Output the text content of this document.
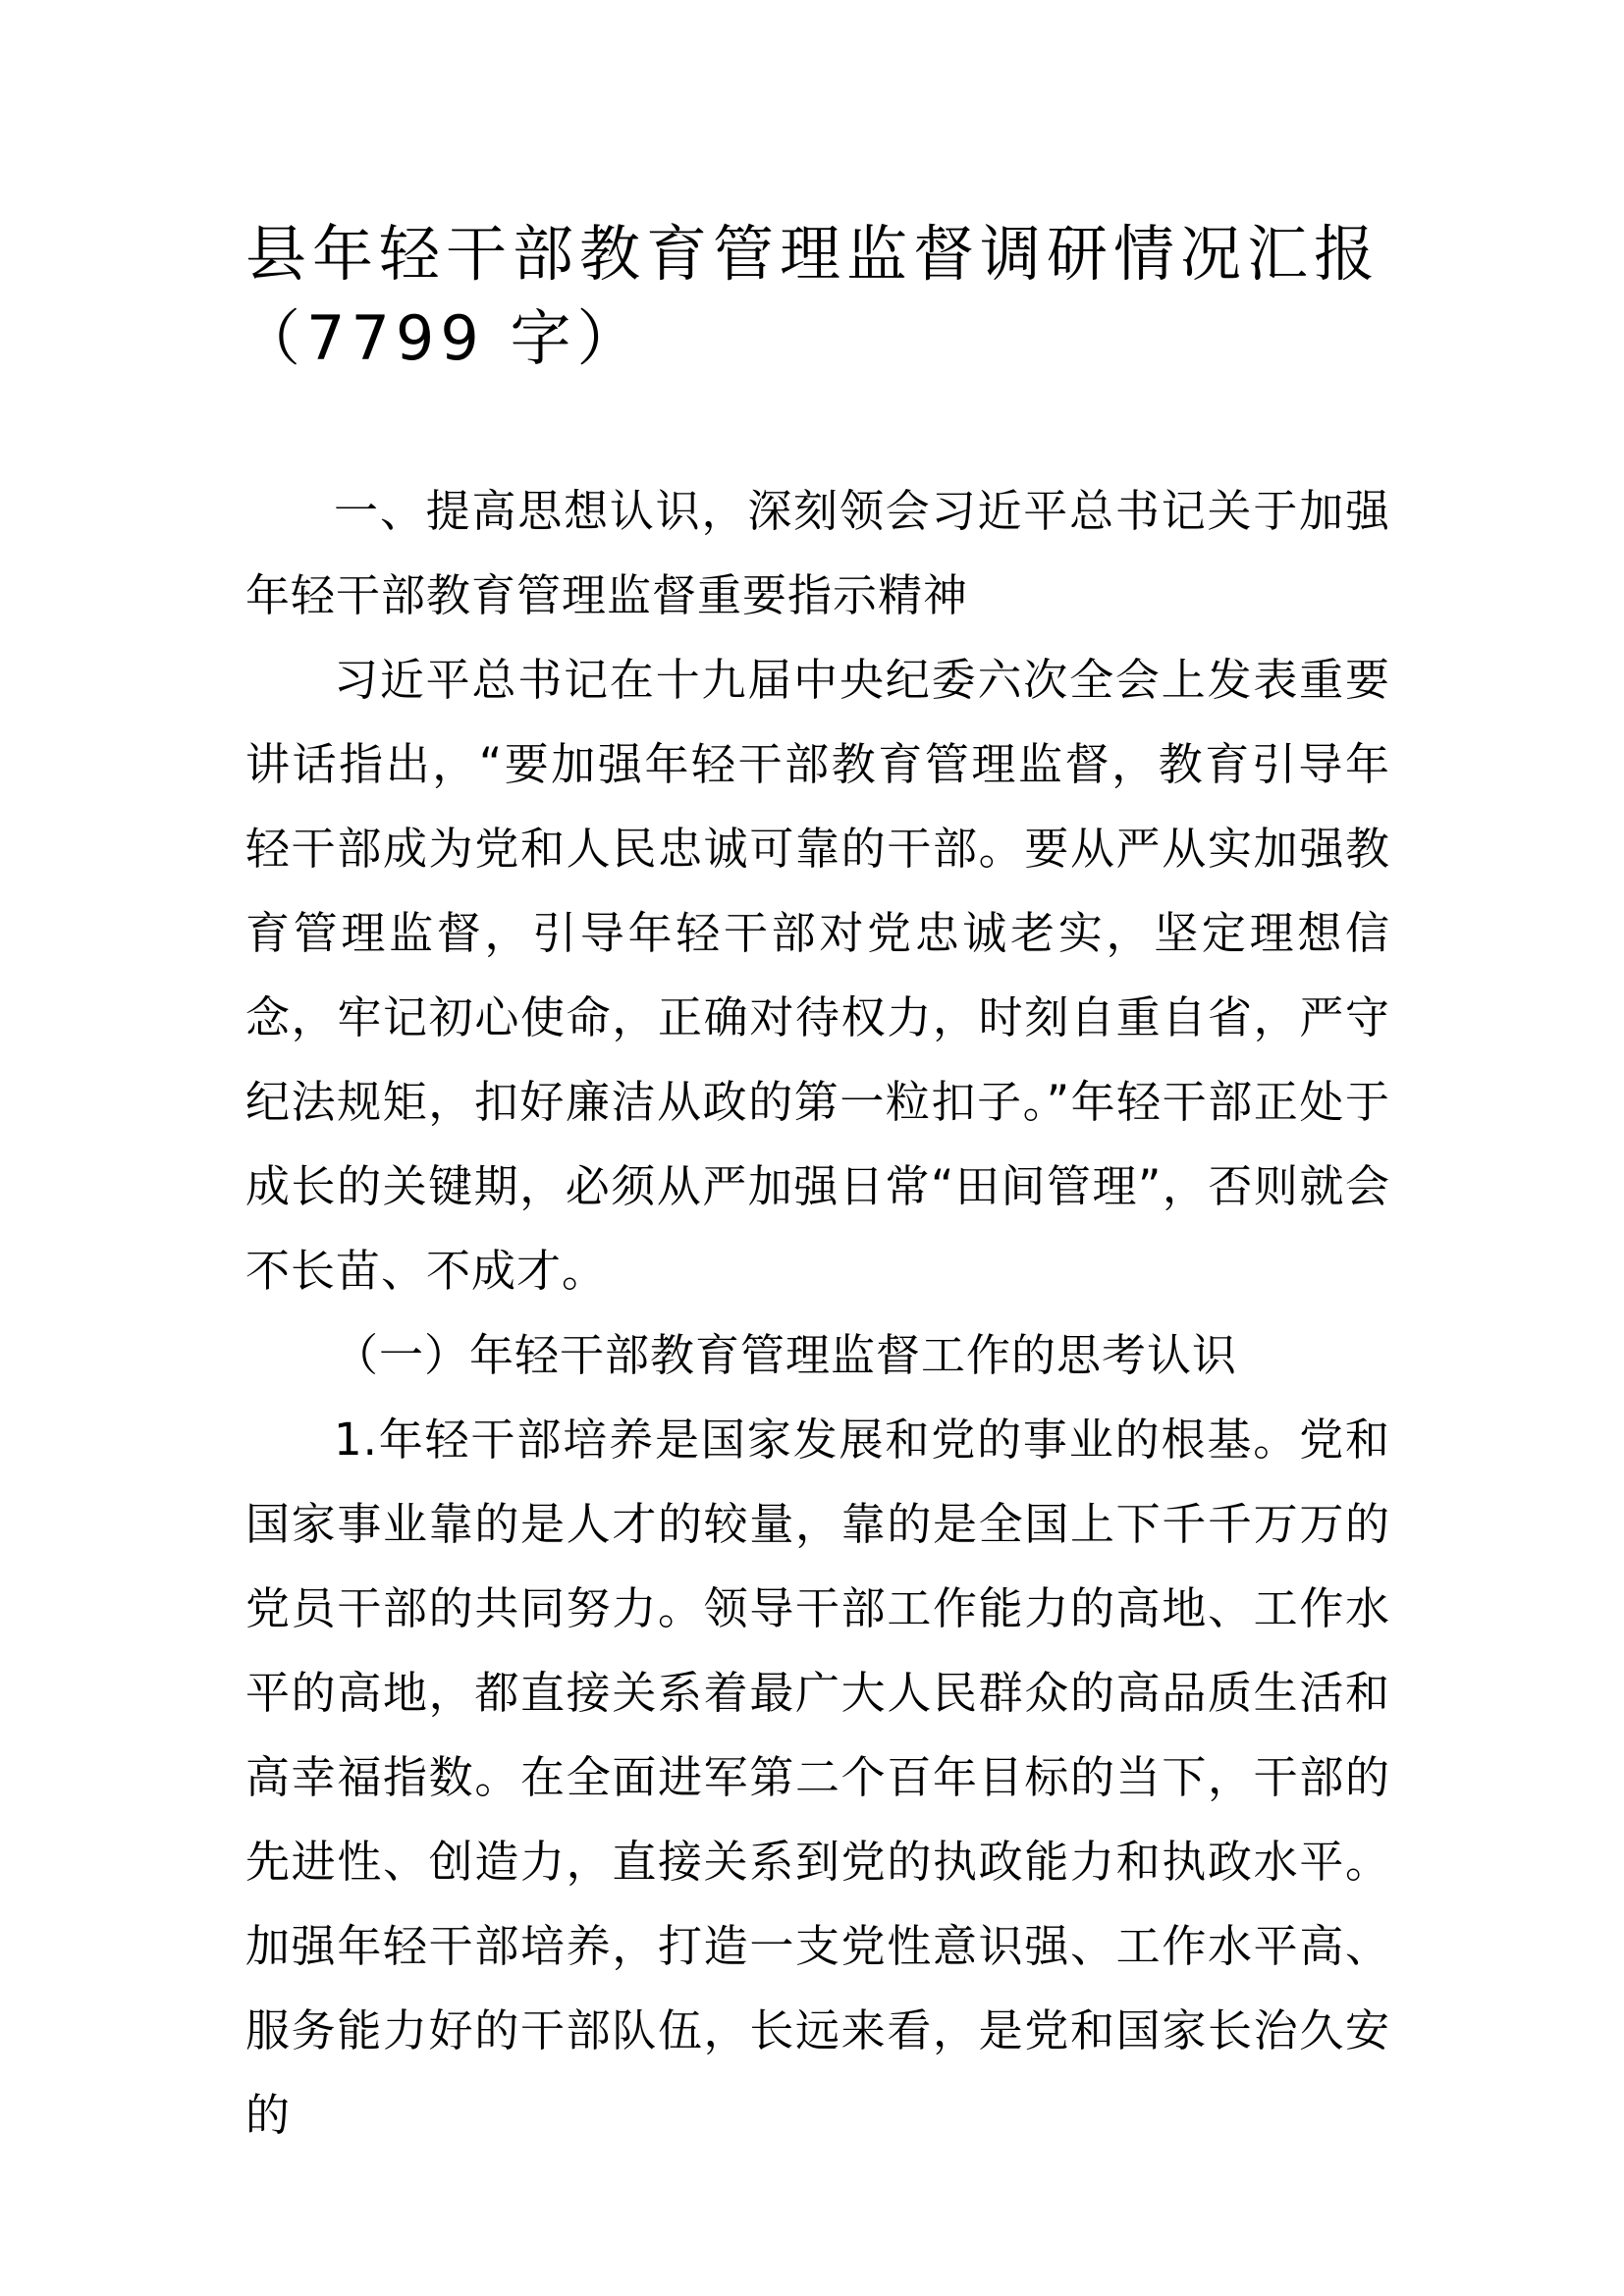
县年轻干部教育管理监督调研情况汇报
（7799 字）

一、提高思想认识，深刻领会习近平总书记关于加强年轻干部教育管理监督重要指示精神

习近平总书记在十九届中央纪委六次全会上发表重要讲话指出，“要加强年轻干部教育管理监督，教育引导年轻干部成为党和人民忠诚可靠的干部。要从严从实加强教育管理监督，引导年轻干部对党忠诚老实，坚定理想信念，牢记初心使命，正确对待权力，时刻自重自省，严守纪法规矩，扣好廉洁从政的第一粒扣子。”年轻干部正处于成长的关键期，必须从严加强日常“田间管理”，否则就会不长苗、不成才。

（一）年轻干部教育管理监督工作的思考认识

1.年轻干部培养是国家发展和党的事业的根基。党和国家事业靠的是人才的较量，靠的是全国上下千千万万的党员干部的共同努力。领导干部工作能力的高地、工作水平的高地，都直接关系着最广大人民群众的高品质生活和高幸福指数。在全面进军第二个百年目标的当下，干部的先进性、创造力，直接关系到党的执政能力和执政水平。加强年轻干部培养，打造一支党性意识强、工作水平高、服务能力好的干部队伍，长远来看，是党和国家长治久安的
